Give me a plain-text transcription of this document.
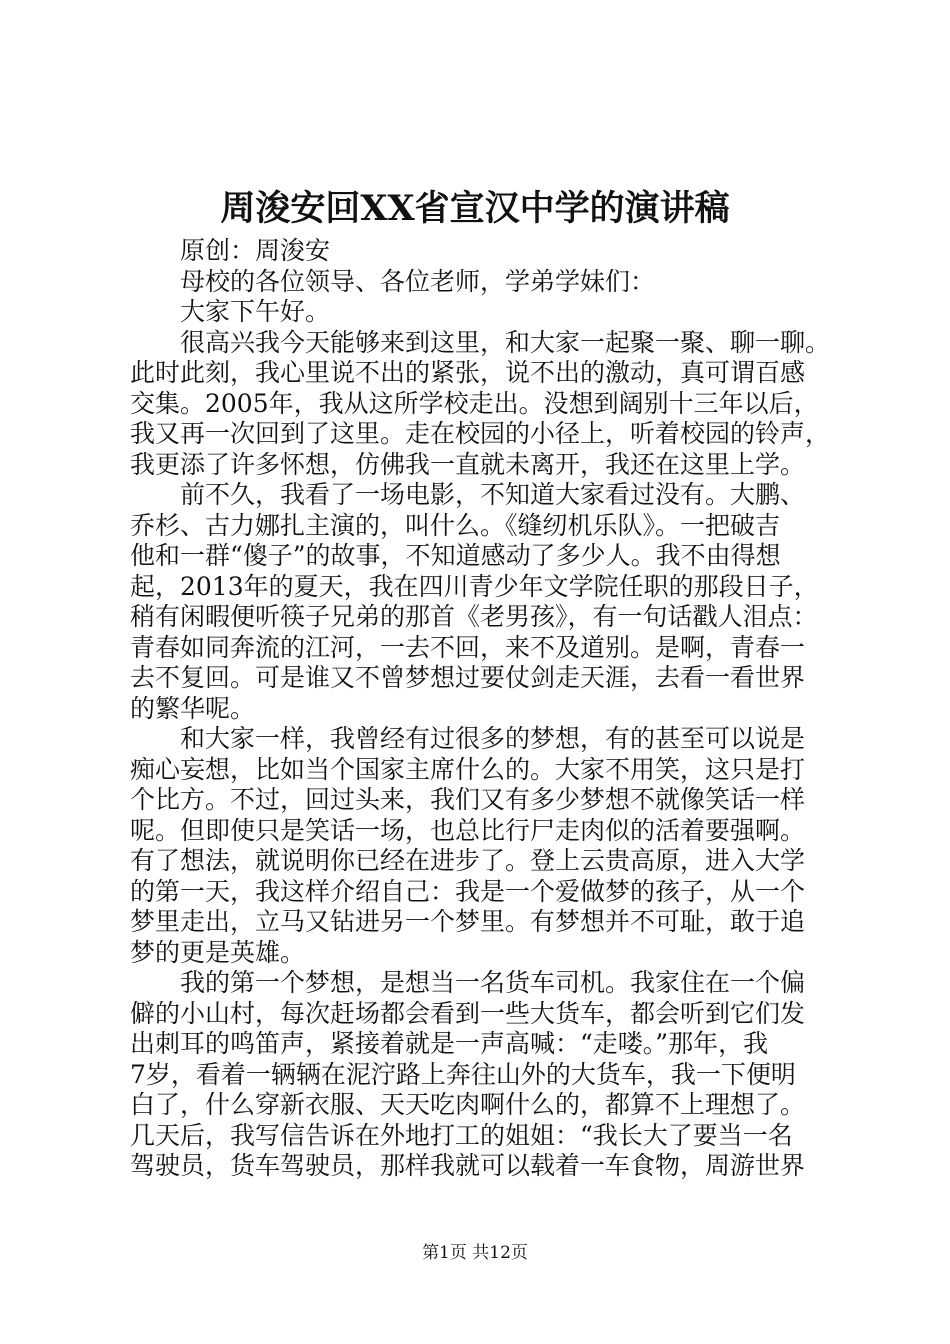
周浚安回XX省宣汉中学的演讲稿
原创：周浚安
母校的各位领导、各位老师，学弟学妹们：
大家下午好。
很高兴我今天能够来到这里，和大家一起聚一聚、聊一聊。
此时此刻，我心里说不出的紧张，说不出的激动，真可谓百感
交集。2005年，我从这所学校走出。没想到阔别十三年以后，
我又再一次回到了这里。走在校园的小径上，听着校园的铃声，
我更添了许多怀想，仿佛我一直就未离开，我还在这里上学。
前不久，我看了一场电影，不知道大家看过没有。大鹏、
乔杉、古力娜扎主演的，叫什么。《缝纫机乐队》。一把破吉
他和一群“傻子”的故事，不知道感动了多少人。我不由得想
起，2013年的夏天，我在四川青少年文学院任职的那段日子，
稍有闲暇便听筷子兄弟的那首《老男孩》，有一句话戳人泪点：
青春如同奔流的江河，一去不回，来不及道别。是啊，青春一
去不复回。可是谁又不曾梦想过要仗剑走天涯，去看一看世界
的繁华呢。
和大家一样，我曾经有过很多的梦想，有的甚至可以说是
痴心妄想，比如当个国家主席什么的。大家不用笑，这只是打
个比方。不过，回过头来，我们又有多少梦想不就像笑话一样
呢。但即使只是笑话一场，也总比行尸走肉似的活着要强啊。
有了想法，就说明你已经在进步了。登上云贵高原，进入大学
的第一天，我这样介绍自己：我是一个爱做梦的孩子，从一个
梦里走出，立马又钻进另一个梦里。有梦想并不可耻，敢于追
梦的更是英雄。
我的第一个梦想，是想当一名货车司机。我家住在一个偏
僻的小山村，每次赶场都会看到一些大货车，都会听到它们发
出刺耳的鸣笛声，紧接着就是一声高喊：“走喽。”那年，我
7岁，看着一辆辆在泥泞路上奔往山外的大货车，我一下便明
白了，什么穿新衣服、天天吃肉啊什么的，都算不上理想了。
几天后，我写信告诉在外地打工的姐姐：“我长大了要当一名
驾驶员，货车驾驶员，那样我就可以载着一车食物，周游世界
第1页 共12页
